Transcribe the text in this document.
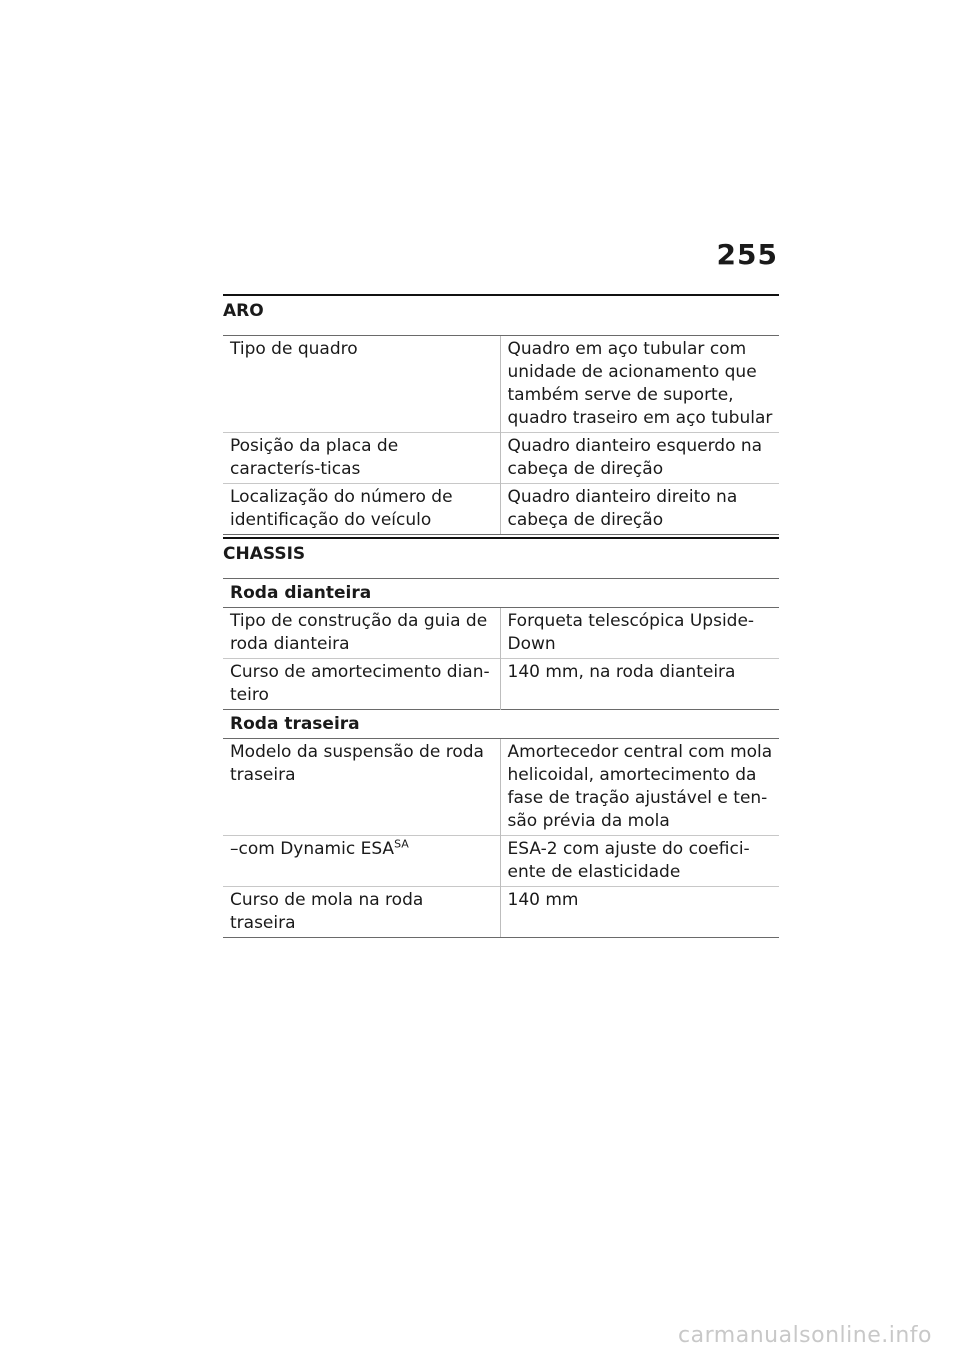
255
ARO
Tipo de quadro	Quadro em aço tubular com unidade de acionamento que também serve de suporte, quadro traseiro em aço tubular
Posição da placa de caracterís-ticas	Quadro dianteiro esquerdo na cabeça de direção
Localização do número de identificação do veículo	Quadro dianteiro direito na cabeça de direção
CHASSIS
Roda dianteira	
Tipo de construção da guia de roda dianteira	Forqueta telescópica Upside-Down
Curso de amortecimento dian-teiro	140 mm, na roda dianteira
Roda traseira	
Modelo da suspensão de roda traseira	Amortecedor central com mola helicoidal, amortecimento da fase de tração ajustável e ten-são prévia da mola
–com Dynamic $ESA^{SA}$	ESA-2 com ajuste do coefici-ente de elasticidade
Curso de mola na roda traseira	140 mm
carmanualsonline.info
